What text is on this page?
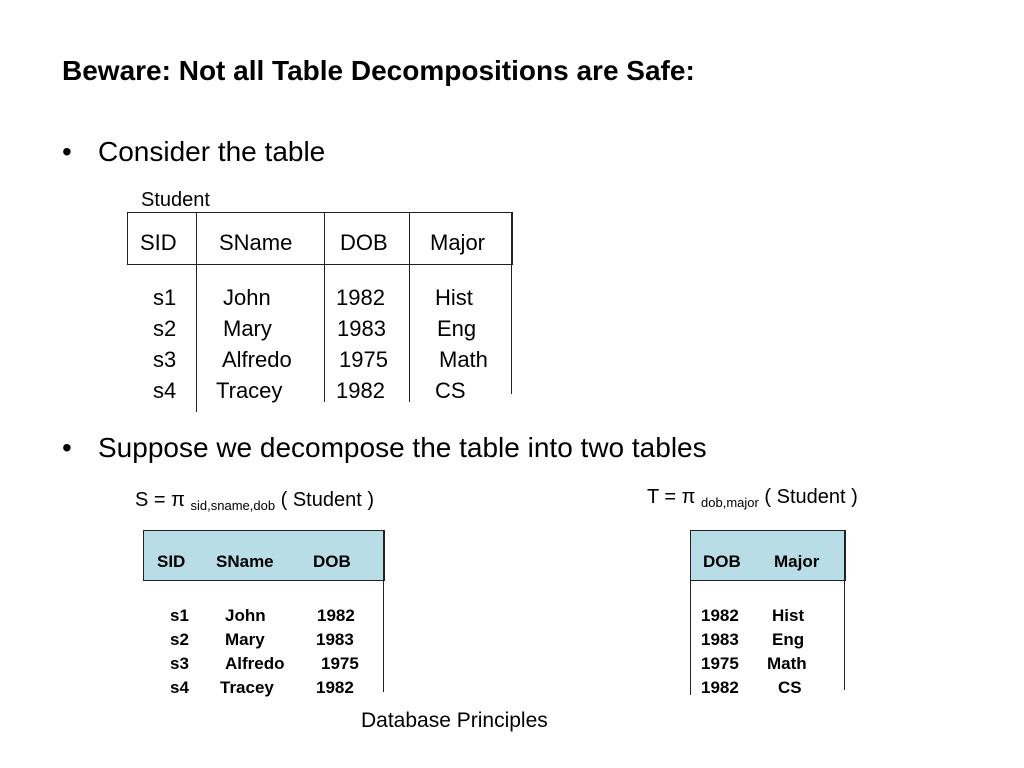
Beware: Not all Table Decompositions are Safe:
• Consider the table
Student
SID SName DOB Major
s1 John	1982 Hist
s2 Mary	1983 Eng
s3 Alfredo 1975 Math
s4 Tracey 1982 CS
• Suppose we decompose the table into two tables
S = π $_{sid,sname,dob}$ ( Student )	T = π $_{dob,major}$ ( Student )
SID SName DOB
s1 John	1982
s2 Mary	1983
s3 Alfredo 1975
s4 Tracey 1982
DOB Major
1982 Hist
1983 Eng
1975 Math
1982 CS
Database Principles
